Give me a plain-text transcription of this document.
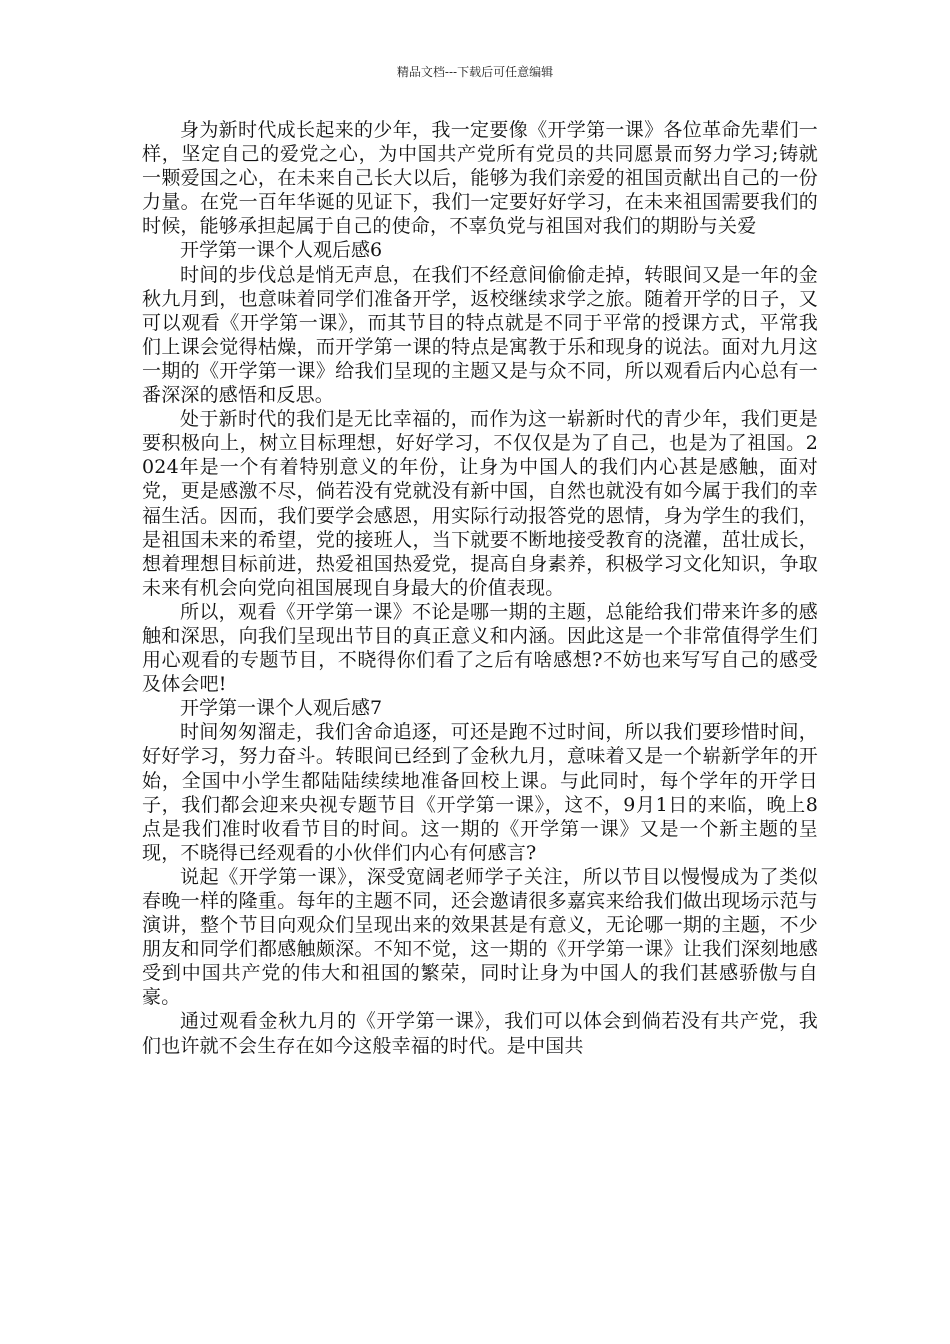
精品文档---下载后可任意编辑

身为新时代成长起来的少年，我一定要像《开学第一课》各位革命先辈们一样，坚定自己的爱党之心，为中国共产党所有党员的共同愿景而努力学习;铸就一颗爱国之心，在未来自己长大以后，能够为我们亲爱的祖国贡献出自己的一份力量。在党一百年华诞的见证下，我们一定要好好学习，在未来祖国需要我们的时候，能够承担起属于自己的使命，不辜负党与祖国对我们的期盼与关爱

开学第一课个人观后感6

时间的步伐总是悄无声息，在我们不经意间偷偷走掉，转眼间又是一年的金秋九月到，也意味着同学们准备开学，返校继续求学之旅。随着开学的日子，又可以观看《开学第一课》，而其节目的特点就是不同于平常的授课方式，平常我们上课会觉得枯燥，而开学第一课的特点是寓教于乐和现身的说法。面对九月这一期的《开学第一课》给我们呈现的主题又是与众不同，所以观看后内心总有一番深深的感悟和反思。

处于新时代的我们是无比幸福的，而作为这一崭新时代的青少年，我们更是要积极向上，树立目标理想，好好学习，不仅仅是为了自己，也是为了祖国。2024年是一个有着特别意义的年份，让身为中国人的我们内心甚是感触，面对党，更是感激不尽，倘若没有党就没有新中国，自然也就没有如今属于我们的幸福生活。因而，我们要学会感恩，用实际行动报答党的恩情，身为学生的我们，是祖国未来的希望，党的接班人，当下就要不断地接受教育的浇灌，茁壮成长，想着理想目标前进，热爱祖国热爱党，提高自身素养，积极学习文化知识，争取未来有机会向党向祖国展现自身最大的价值表现。

所以，观看《开学第一课》不论是哪一期的主题，总能给我们带来许多的感触和深思，向我们呈现出节目的真正意义和内涵。因此这是一个非常值得学生们用心观看的专题节目，不晓得你们看了之后有啥感想?不妨也来写写自己的感受及体会吧!

开学第一课个人观后感7

时间匆匆溜走，我们舍命追逐，可还是跑不过时间，所以我们要珍惜时间，好好学习，努力奋斗。转眼间已经到了金秋九月，意味着又是一个崭新学年的开始，全国中小学生都陆陆续续地准备回校上课。与此同时，每个学年的开学日子，我们都会迎来央视专题节目《开学第一课》，这不，9月1日的来临，晚上8点是我们准时收看节目的时间。这一期的《开学第一课》又是一个新主题的呈现，不晓得已经观看的小伙伴们内心有何感言?

说起《开学第一课》，深受宽阔老师学子关注，所以节目以慢慢成为了类似春晚一样的隆重。每年的主题不同，还会邀请很多嘉宾来给我们做出现场示范与演讲，整个节目向观众们呈现出来的效果甚是有意义，无论哪一期的主题，不少朋友和同学们都感触颇深。不知不觉，这一期的《开学第一课》让我们深刻地感受到中国共产党的伟大和祖国的繁荣，同时让身为中国人的我们甚感骄傲与自豪。

通过观看金秋九月的《开学第一课》，我们可以体会到倘若没有共产党，我们也许就不会生存在如今这般幸福的时代。是中国共
